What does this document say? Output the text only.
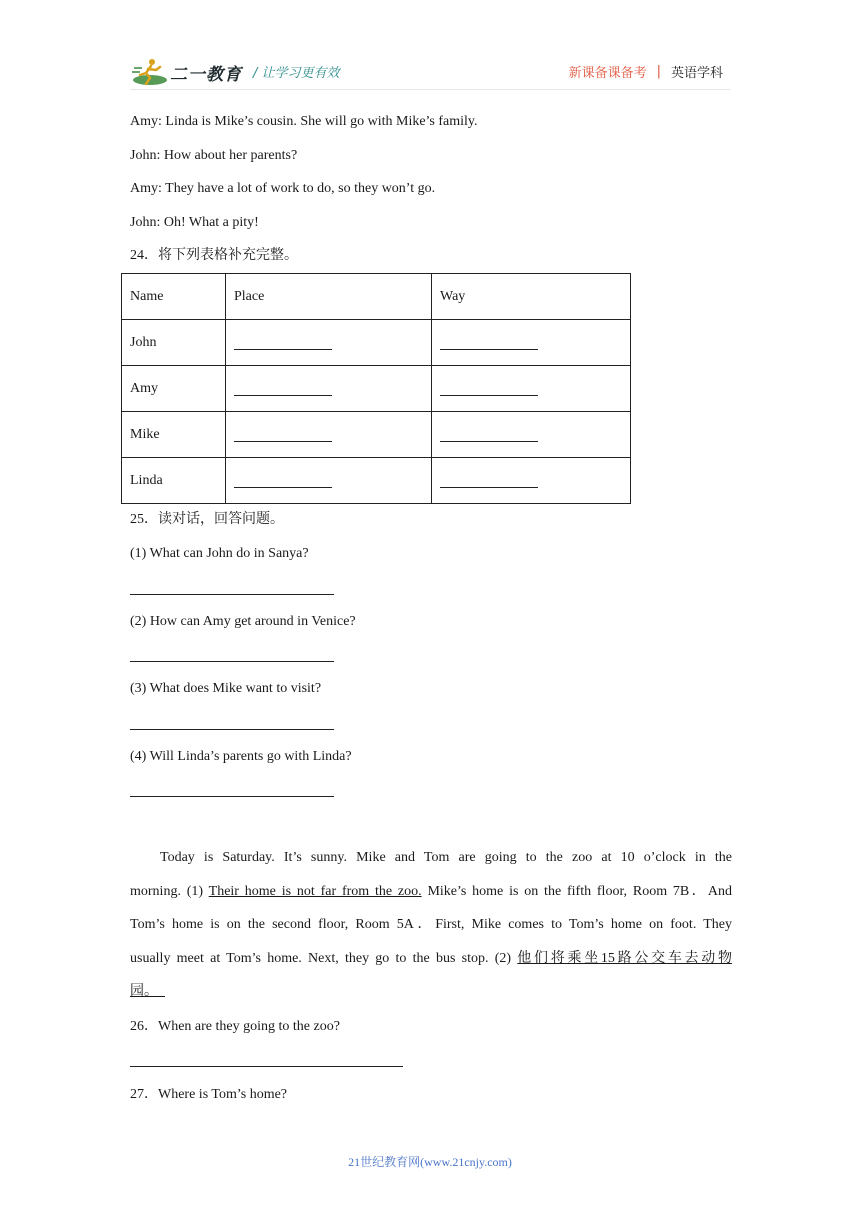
二一教育 / 让学习更有效	新课备课备考 | 英语学科
Amy: Linda is Mike’s cousin. She will go with Mike’s family.
John: How about her parents?
Amy: They have a lot of work to do, so they won’t go.
John: Oh! What a pity!
24．将下列表格补充完整。
Name	Place	Way
John		
Amy		
Mike		
Linda		
25．读对话，回答问题。
(1) What can John do in Sanya?
(2) How can Amy get around in Venice?
(3) What does Mike want to visit?
(4) Will Linda’s parents go with Linda?

Today is Saturday. It’s sunny. Mike and Tom are going to the zoo at 10 o’clock in the

morning. (1) Their home is not far from the zoo. Mike’s home is on the fifth floor, Room 7B．And

Tom’s home is on the second floor, Room 5A．First, Mike comes to Tom’s home on foot. They

usually meet at Tom’s home. Next, they go to the bus stop. (2) 他们将乘坐15路公交车去动物

园。

26．When are they going to the zoo?
27．Where is Tom’s home?
21世纪教育网(www.21cnjy.com)
